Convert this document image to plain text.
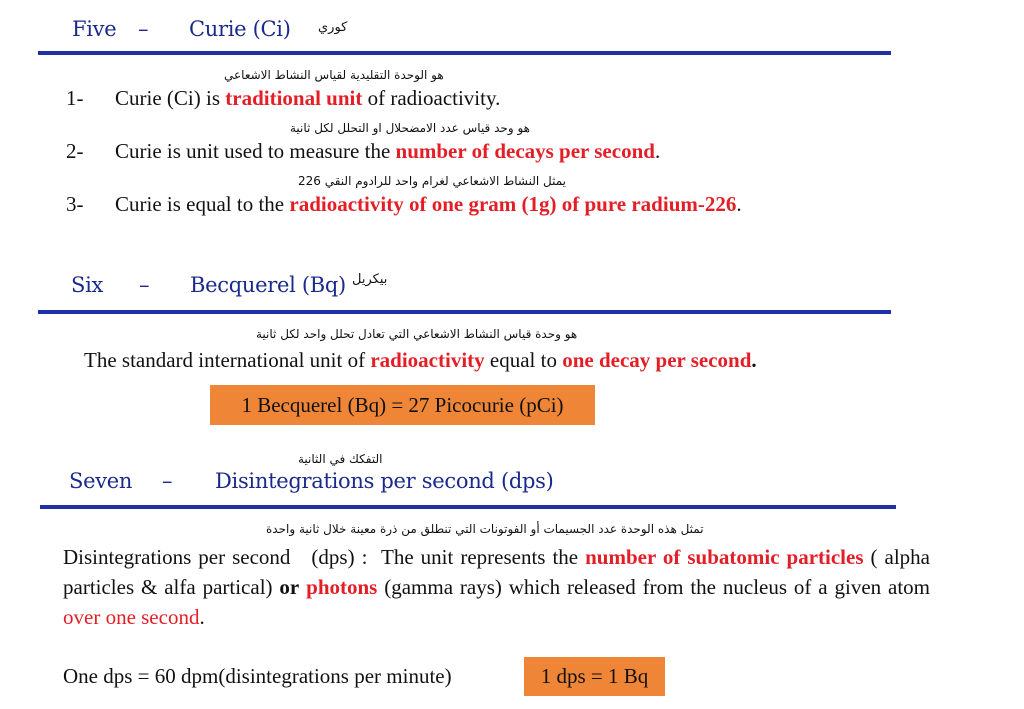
Five – Curie (Ci) كوري
هو الوحدة التقليدية لقياس النشاط الاشعاعي
1- Curie (Ci) is traditional unit of radioactivity.
هو وحد قياس عدد الامضحلال او التحلل لكل ثانية
2- Curie is unit used to measure the number of decays per second.
يمثل النشاط الاشعاعي لغرام واحد للرادوم النقي 226
3- Curie is equal to the radioactivity of one gram (1g) of pure radium-226.
Six – Becquerel (Bq) بيكريل
هو وحدة قياس النشاط الاشعاعي التي تعادل تحلل واحد لكل ثانية
The standard international unit of radioactivity equal to one decay per second.
1 Becquerel (Bq) = 27 Picocurie (pCi)
التفكك في الثانية
Seven – Disintegrations per second (dps)
تمثل هذه الوحدة عدد الجسيمات أو الفوتونات التي تنطلق من ذرة معينة خلال ثانية واحدة
Disintegrations per second   (dps) :  The unit represents the number of subatomic particles ( alpha particles & alfa partical) or photons (gamma rays) which released from the nucleus of a given atom over one second.
One dps = 60 dpm(disintegrations per minute)	1 dps = 1 Bq
